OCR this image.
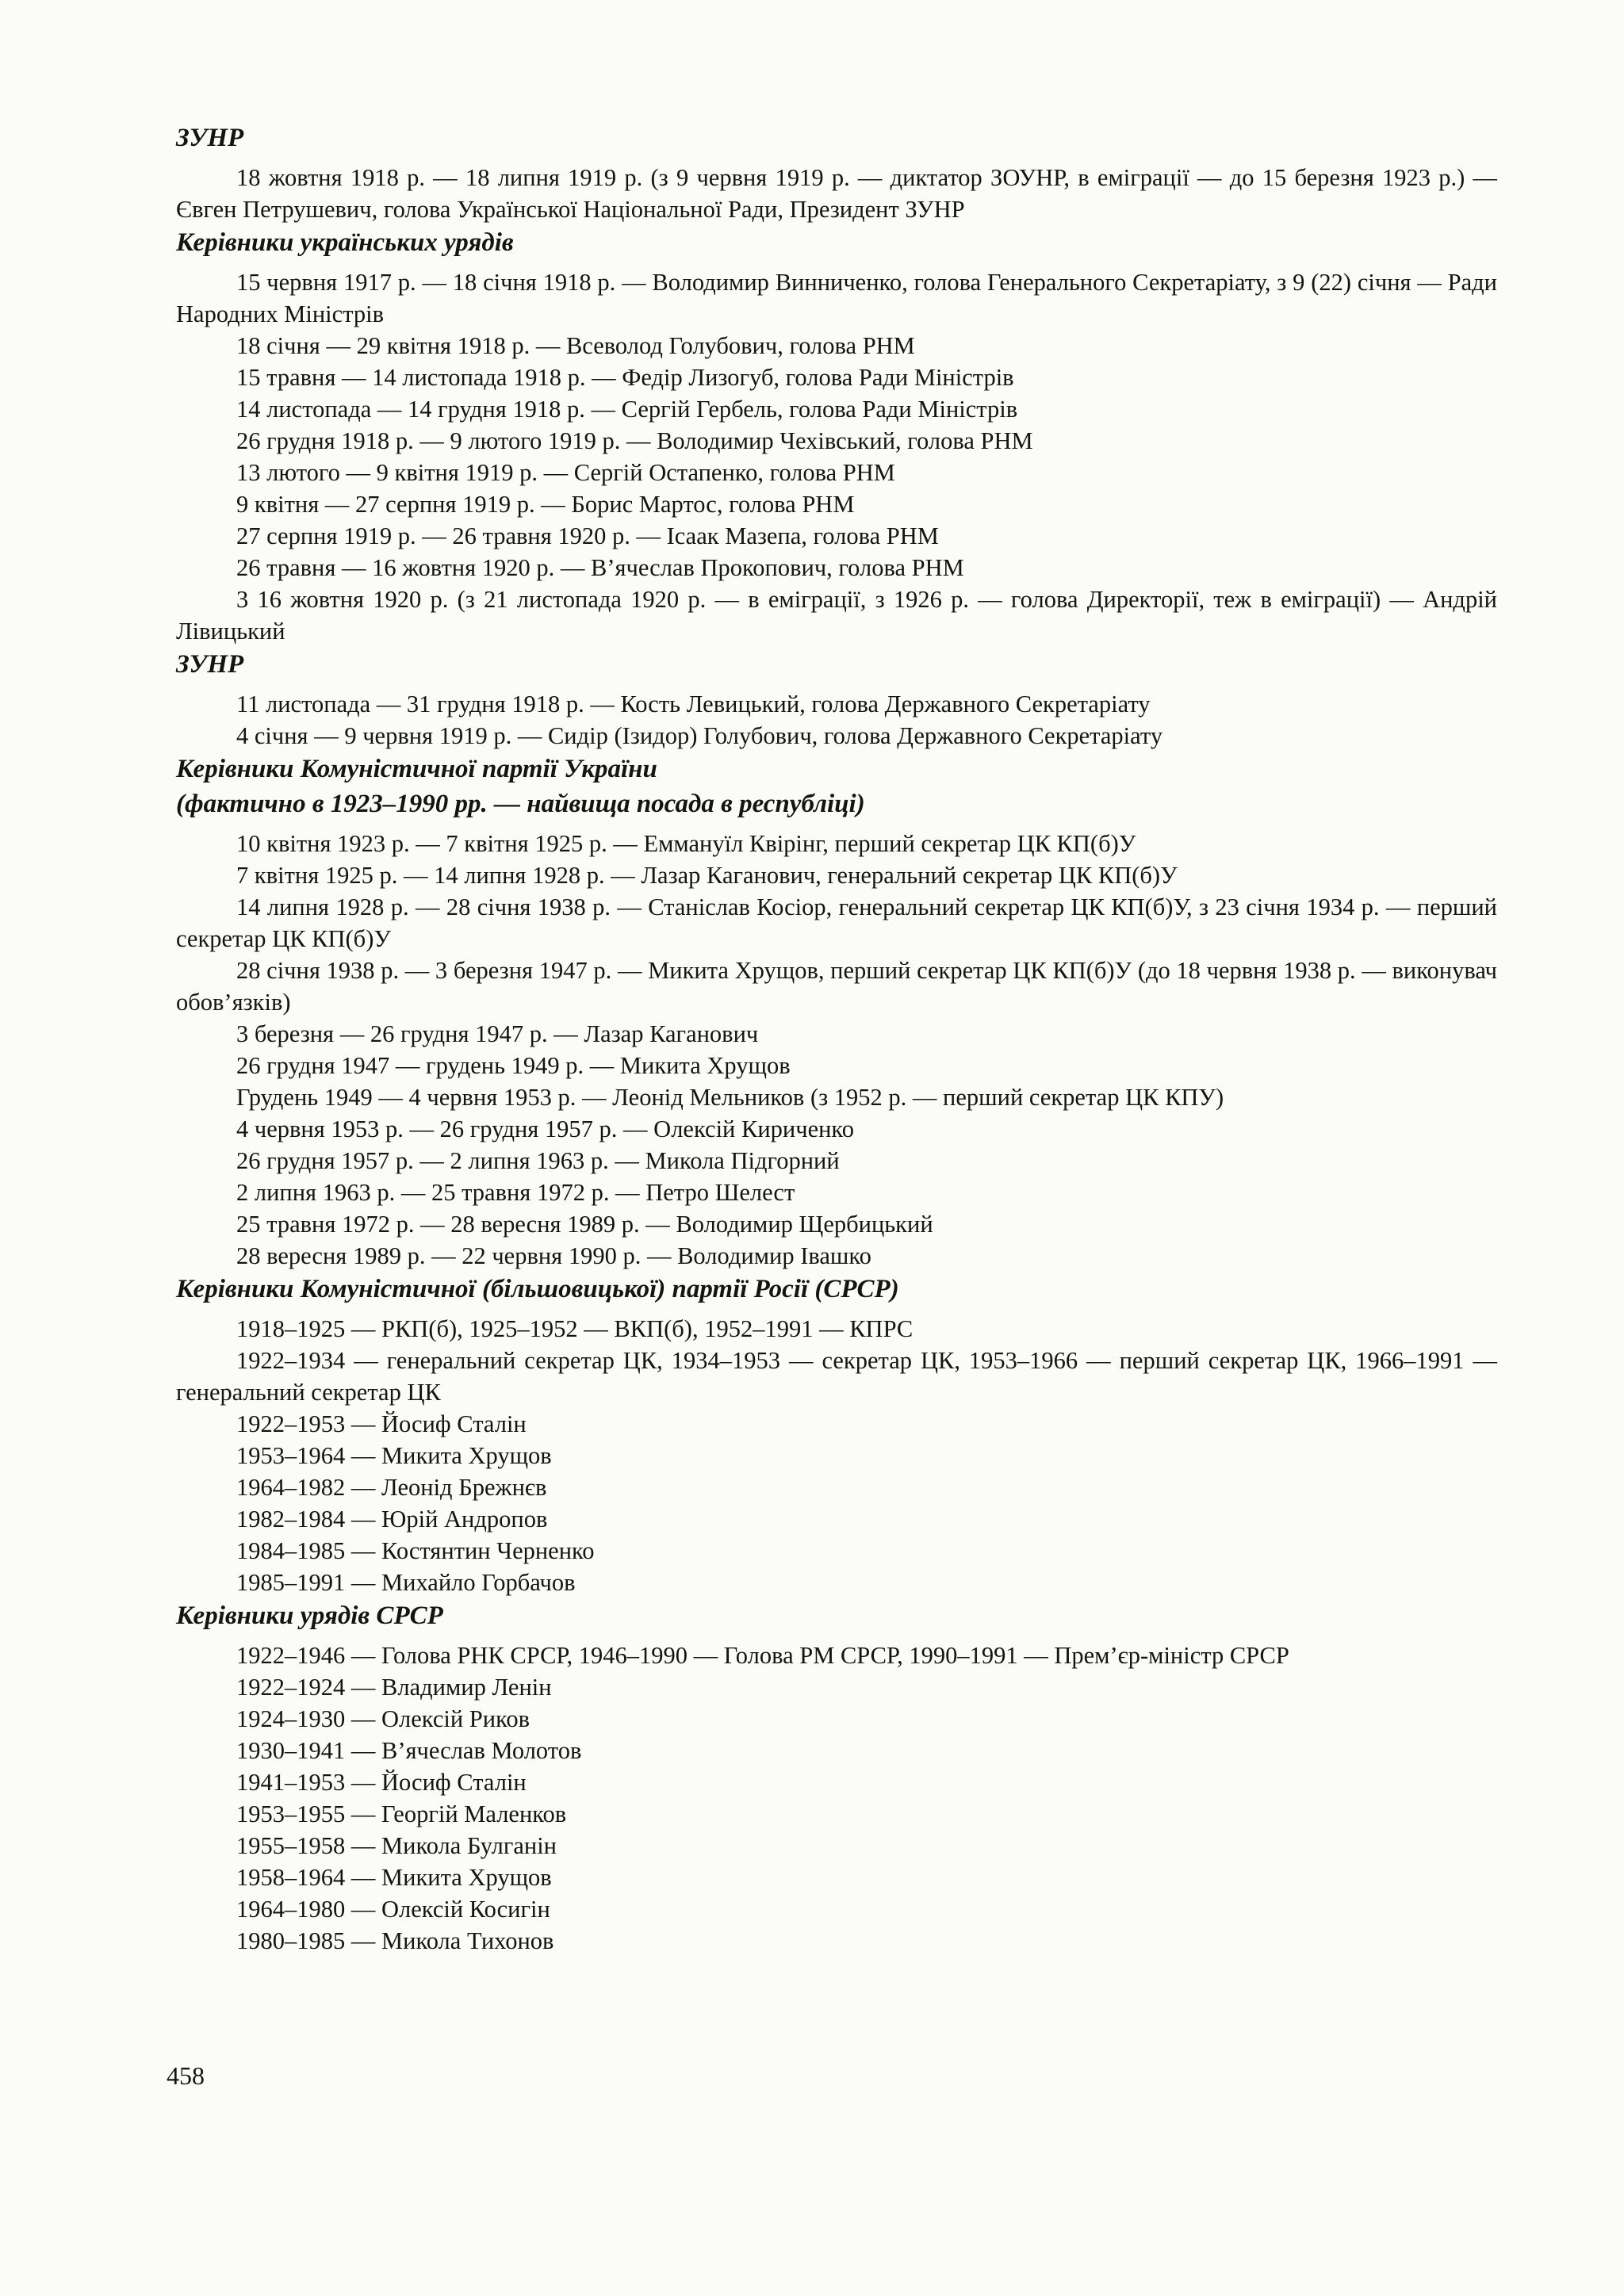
ЗУНР

18 жовтня 1918 р. — 18 липня 1919 р. (з 9 червня 1919 р. — диктатор ЗОУНР, в еміграції — до 15 березня 1923 р.) — Євген Петрушевич, голова Української Національної Ради, Президент ЗУНР

Керівники українських урядів

15 червня 1917 р. — 18 січня 1918 р. — Володимир Винниченко, голова Генерального Секретаріату, з 9 (22) січня — Ради Народних Міністрів

18 січня — 29 квітня 1918 р. — Всеволод Голубович, голова РНМ

15 травня — 14 листопада 1918 р. — Федір Лизогуб, голова Ради Міністрів

14 листопада — 14 грудня 1918 р. — Сергій Гербель, голова Ради Міністрів

26 грудня 1918 р. — 9 лютого 1919 р. — Володимир Чехівський, голова РНМ

13 лютого — 9 квітня 1919 р. — Сергій Остапенко, голова РНМ

9 квітня — 27 серпня 1919 р. — Борис Мартос, голова РНМ

27 серпня 1919 р. — 26 травня 1920 р. — Ісаак Мазепа, голова РНМ

26 травня — 16 жовтня 1920 р. — В’ячеслав Прокопович, голова РНМ

3 16 жовтня 1920 р. (з 21 листопада 1920 р. — в еміграції, з 1926 р. — голова Директорії, теж в еміграції) — Андрій Лівицький

ЗУНР

11 листопада — 31 грудня 1918 р. — Кость Левицький, голова Державного Секретаріату

4 січня — 9 червня 1919 р. — Сидір (Ізидор) Голубович, голова Державного Секретаріату

Керівники Комуністичної партії України
(фактично в 1923–1990 рр. — найвища посада в республіці)

10 квітня 1923 р. — 7 квітня 1925 р. — Еммануїл Квірінг, перший секретар ЦК КП(б)У

7 квітня 1925 р. — 14 липня 1928 р. — Лазар Каганович, генеральний секретар ЦК КП(б)У

14 липня 1928 р. — 28 січня 1938 р. — Станіслав Косіор, генеральний секретар ЦК КП(б)У, з 23 січня 1934 р. — перший секретар ЦК КП(б)У

28 січня 1938 р. — 3 березня 1947 р. — Микита Хрущов, перший секретар ЦК КП(б)У (до 18 червня 1938 р. — виконувач обов’язків)

3 березня — 26 грудня 1947 р. — Лазар Каганович

26 грудня 1947 — грудень 1949 р. — Микита Хрущов

Грудень 1949 — 4 червня 1953 р. — Леонід Мельников (з 1952 р. — перший секретар ЦК КПУ)

4 червня 1953 р. — 26 грудня 1957 р. — Олексій Кириченко

26 грудня 1957 р. — 2 липня 1963 р. — Микола Підгорний

2 липня 1963 р. — 25 травня 1972 р. — Петро Шелест

25 травня 1972 р. — 28 вересня 1989 р. — Володимир Щербицький

28 вересня 1989 р. — 22 червня 1990 р. — Володимир Івашко

Керівники Комуністичної (більшовицької) партії Росії (СРСР)

1918–1925 — РКП(б), 1925–1952 — ВКП(б), 1952–1991 — КПРС

1922–1934 — генеральний секретар ЦК, 1934–1953 — секретар ЦК, 1953–1966 — перший секретар ЦК, 1966–1991 — генеральний секретар ЦК

1922–1953 — Йосиф Сталін

1953–1964 — Микита Хрущов

1964–1982 — Леонід Брежнєв

1982–1984 — Юрій Андропов

1984–1985 — Костянтин Черненко

1985–1991 — Михайло Горбачов

Керівники урядів СРСР

1922–1946 — Голова РНК СРСР, 1946–1990 — Голова РМ СРСР, 1990–1991 — Прем’єр-міністр СРСР

1922–1924 — Владимир Ленін

1924–1930 — Олексій Риков

1930–1941 — В’ячеслав Молотов

1941–1953 — Йосиф Сталін

1953–1955 — Георгій Маленков

1955–1958 — Микола Булганін

1958–1964 — Микита Хрущов

1964–1980 — Олексій Косигін

1980–1985 — Микола Тихонов

458
